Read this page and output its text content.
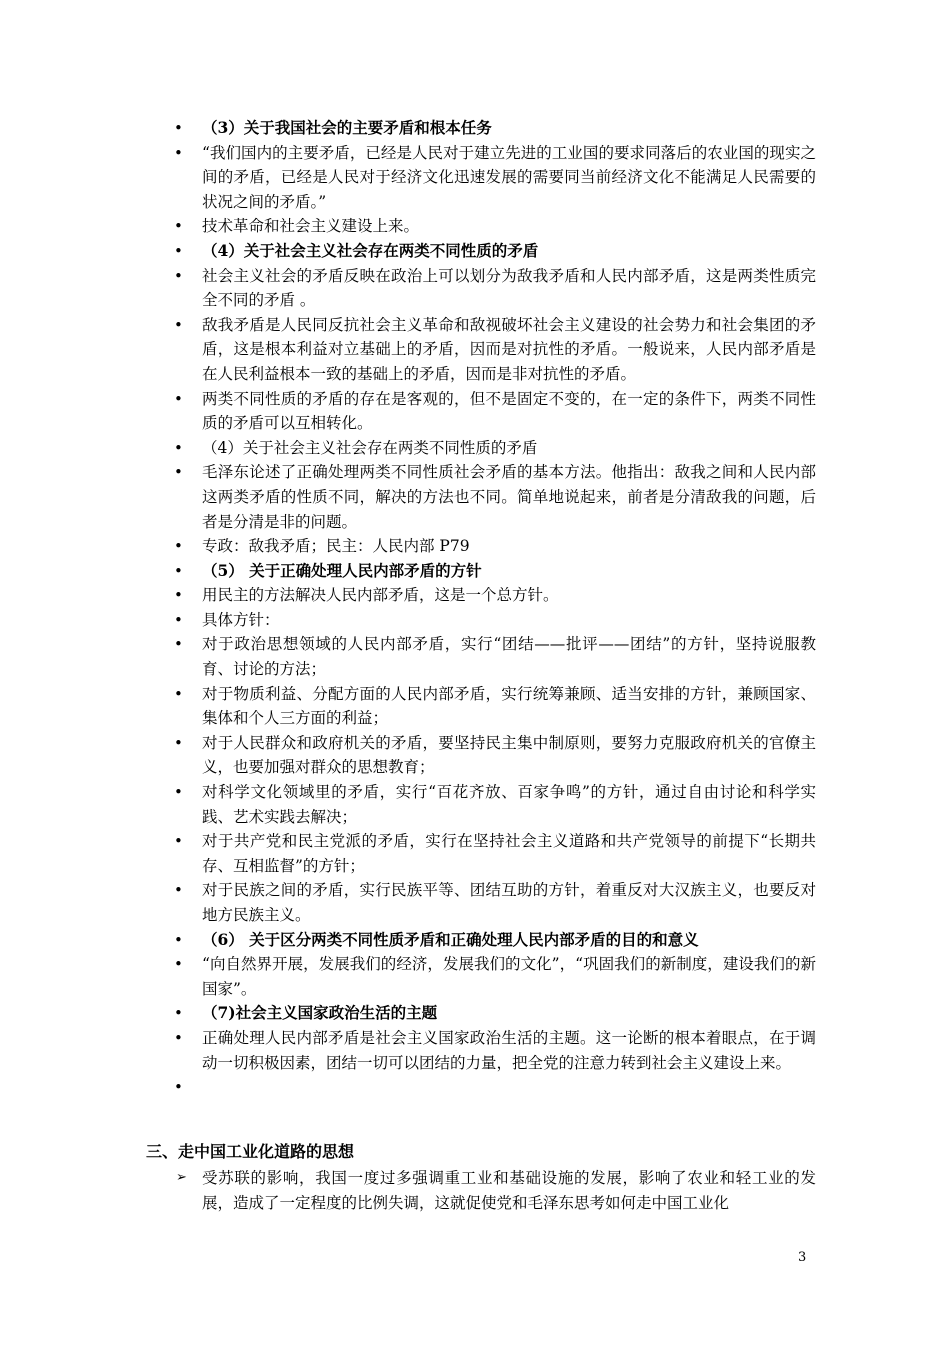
•	（3）关于我国社会的主要矛盾和根本任务
•	“我们国内的主要矛盾，已经是人民对于建立先进的工业国的要求同落后的农业国的现实之间的矛盾，已经是人民对于经济文化迅速发展的需要同当前经济文化不能满足人民需要的状况之间的矛盾。”
•	技术革命和社会主义建设上来。
•	（4）关于社会主义社会存在两类不同性质的矛盾
•	社会主义社会的矛盾反映在政治上可以划分为敌我矛盾和人民内部矛盾，这是两类性质完全不同的矛盾 。
•	敌我矛盾是人民同反抗社会主义革命和敌视破坏社会主义建设的社会势力和社会集团的矛盾，这是根本利益对立基础上的矛盾，因而是对抗性的矛盾。一般说来，人民内部矛盾是在人民利益根本一致的基础上的矛盾，因而是非对抗性的矛盾。
•	两类不同性质的矛盾的存在是客观的，但不是固定不变的，在一定的条件下，两类不同性质的矛盾可以互相转化。
•	（4）关于社会主义社会存在两类不同性质的矛盾
•	毛泽东论述了正确处理两类不同性质社会矛盾的基本方法。他指出：敌我之间和人民内部这两类矛盾的性质不同，解决的方法也不同。简单地说起来，前者是分清敌我的问题，后者是分清是非的问题。
•	专政：敌我矛盾；民主：人民内部 P79
•	（5） 关于正确处理人民内部矛盾的方针
•	用民主的方法解决人民内部矛盾，这是一个总方针。
•	具体方针：
•	对于政治思想领域的人民内部矛盾，实行“团结——批评——团结”的方针，坚持说服教育、讨论的方法；
•	对于物质利益、分配方面的人民内部矛盾，实行统筹兼顾、适当安排的方针，兼顾国家、集体和个人三方面的利益；
•	对于人民群众和政府机关的矛盾，要坚持民主集中制原则，要努力克服政府机关的官僚主义，也要加强对群众的思想教育；
•	对科学文化领域里的矛盾，实行“百花齐放、百家争鸣”的方针，通过自由讨论和科学实践、艺术实践去解决；
•	对于共产党和民主党派的矛盾，实行在坚持社会主义道路和共产党领导的前提下“长期共存、互相监督”的方针；
•	对于民族之间的矛盾，实行民族平等、团结互助的方针，着重反对大汉族主义，也要反对地方民族主义。
•	（6） 关于区分两类不同性质矛盾和正确处理人民内部矛盾的目的和意义
•	“向自然界开展，发展我们的经济，发展我们的文化”，“巩固我们的新制度，建设我们的新国家”。
•	（7)社会主义国家政治生活的主题
•	正确处理人民内部矛盾是社会主义国家政治生活的主题。这一论断的根本着眼点，在于调动一切积极因素，团结一切可以团结的力量，把全党的注意力转到社会主义建设上来。
•
三、走中国工业化道路的思想
➢ 受苏联的影响，我国一度过多强调重工业和基础设施的发展，影响了农业和轻工业的发展，造成了一定程度的比例失调，这就促使党和毛泽东思考如何走中国工业化
3
